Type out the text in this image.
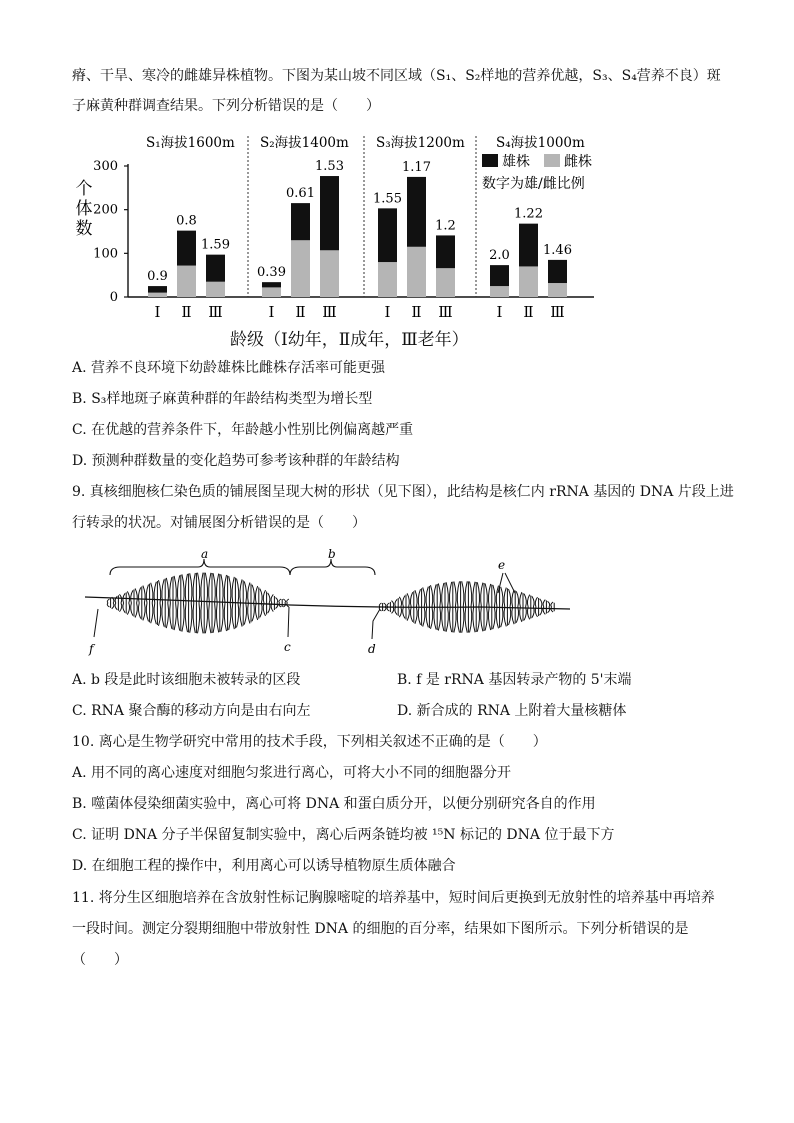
瘠、干旱、寒冷的雌雄异株植物。下图为某山坡不同区域（S₁、S₂样地的营养优越，S₃、S₄营养不良）斑
子麻黄种群调查结果。下列分析错误的是（　　）
个
体
数
0
100
200
300
S₁海拔1600m
0.9
Ⅰ
0.8
Ⅱ
1.59
Ⅲ
S₂海拔1400m
0.39
Ⅰ
0.61
Ⅱ
1.53
Ⅲ
S₃海拔1200m
1.55
Ⅰ
1.17
Ⅱ
1.2
Ⅲ
S₄海拔1000m
2.0
Ⅰ
1.22
Ⅱ
1.46
Ⅲ
雄株 雌株
数字为雄/雌比例
龄级（Ⅰ幼年，Ⅱ成年，Ⅲ老年）
A. 营养不良环境下幼龄雄株比雌株存活率可能更强
B. S₃样地斑子麻黄种群的年龄结构类型为增长型
C. 在优越的营养条件下，年龄越小性别比例偏离越严重
D. 预测种群数量的变化趋势可参考该种群的年龄结构
9. 真核细胞核仁染色质的铺展图呈现大树的形状（见下图），此结构是核仁内 rRNA 基因的 DNA 片段上进
行转录的状况。对铺展图分析错误的是（　　）
a	b
e
f	c	d
A. b 段是此时该细胞未被转录的区段	B. f 是 rRNA 基因转录产物的 5'末端
C. RNA 聚合酶的移动方向是由右向左	D. 新合成的 RNA 上附着大量核糖体
10. 离心是生物学研究中常用的技术手段，下列相关叙述不正确的是（　　）
A. 用不同的离心速度对细胞匀浆进行离心，可将大小不同的细胞器分开
B. 噬菌体侵染细菌实验中，离心可将 DNA 和蛋白质分开，以便分别研究各自的作用
C. 证明 DNA 分子半保留复制实验中，离心后两条链均被 ¹⁵N 标记的 DNA 位于最下方
D. 在细胞工程的操作中，利用离心可以诱导植物原生质体融合
11. 将分生区细胞培养在含放射性标记胸腺嘧啶的培养基中，短时间后更换到无放射性的培养基中再培养
一段时间。测定分裂期细胞中带放射性 DNA 的细胞的百分率，结果如下图所示。下列分析错误的是
（　　）
